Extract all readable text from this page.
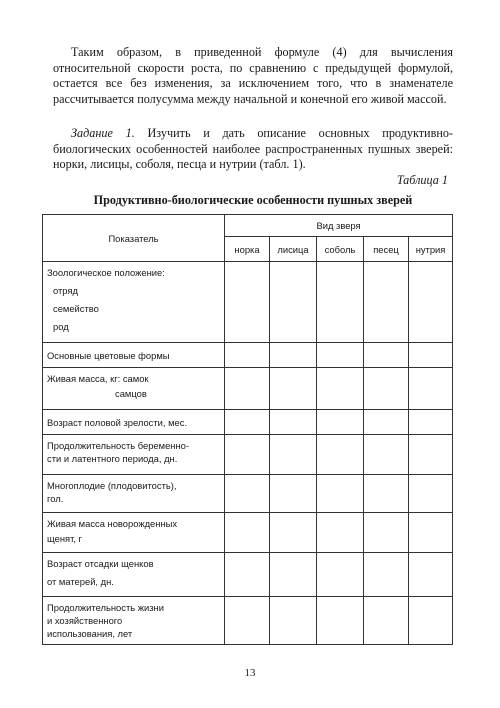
Таким образом, в приведенной формуле (4) для вычисления относительной скорости роста, по сравнению с предыдущей формулой, остается все без изменения, за исключением того, что в знаменателе рассчитывается полусумма между начальной и конечной его живой массой.
Задание 1. Изучить и дать описание основных продуктивно-биологических особенностей наиболее распространенных пушных зверей: норки, лисицы, соболя, песца и нутрии (табл. 1).
Таблица 1
Продуктивно-биологические особенности пушных зверей
Показатель	Вид зверя				
	норка	лисица	соболь	песец	нутрия

Зоологическое положение:
отряд
семейство
род					

Основные цветовые формы					

Живая масса, кг: самок
самцов					

Возраст половой зрелости, мес.					

Продолжительность беременно-
сти и латентного периода, дн.					

Многоплодие (плодовитость),
гол.					

Живая масса новорожденных
щенят, г					

Возраст отсадки щенков
от матерей, дн.					

Продолжительность жизни
и хозяйственного
использования, лет					

13
